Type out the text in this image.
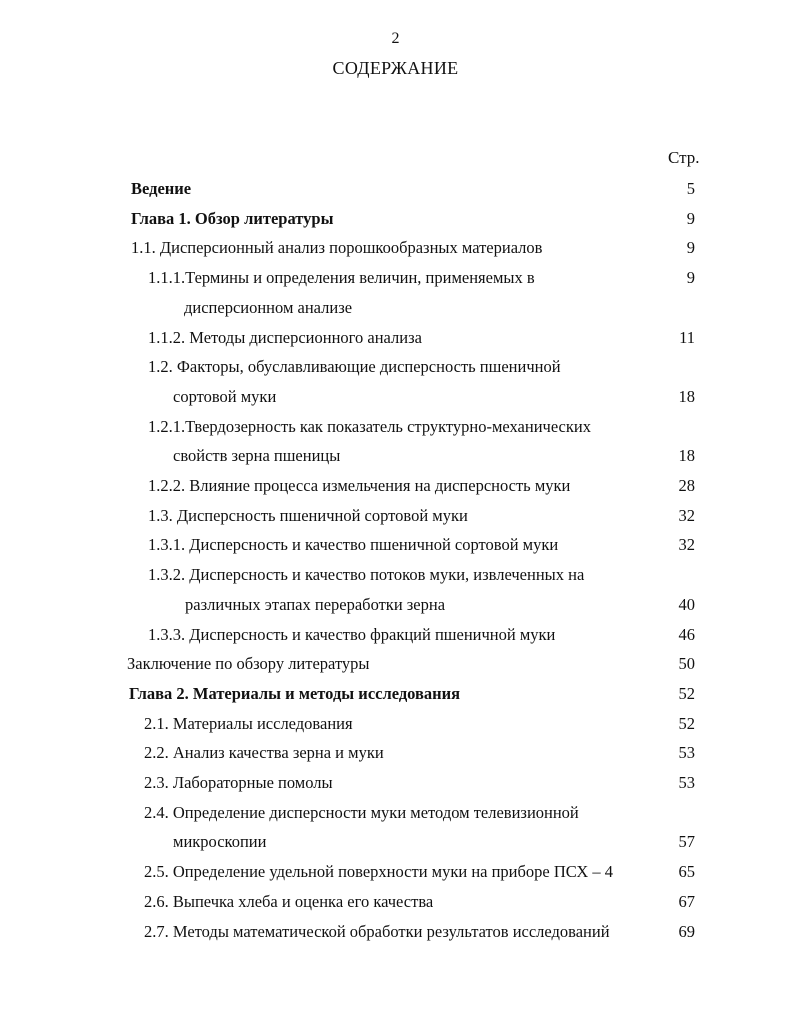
2
СОДЕРЖАНИЕ
Стр.
Ведение	5
Глава 1. Обзор литературы	9
1.1. Дисперсионный анализ порошкообразных материалов	9
1.1.1.Термины и определения величин, применяемых в	9
дисперсионном анализе
1.1.2. Методы дисперсионного анализа	11
1.2. Факторы, обуславливающие дисперсность пшеничной
сортовой муки	18
1.2.1.Твердозерность как показатель структурно-механических
свойств зерна пшеницы	18
1.2.2. Влияние процесса измельчения на дисперсность муки	28
1.3. Дисперсность пшеничной сортовой муки	32
1.3.1. Дисперсность и качество пшеничной сортовой муки	32
1.3.2. Дисперсность и качество потоков муки, извлеченных на
различных этапах переработки зерна	40
1.3.3. Дисперсность и качество фракций пшеничной муки	46
Заключение по обзору литературы	50
Глава 2. Материалы и методы исследования	52
2.1. Материалы исследования	52
2.2. Анализ качества зерна и муки	53
2.3. Лабораторные помолы	53
2.4. Определение дисперсности муки методом телевизионной
микроскопии	57
2.5. Определение удельной поверхности муки на приборе ПСХ – 4	65
2.6. Выпечка хлеба и оценка его качества	67
2.7. Методы математической обработки результатов исследований	69
